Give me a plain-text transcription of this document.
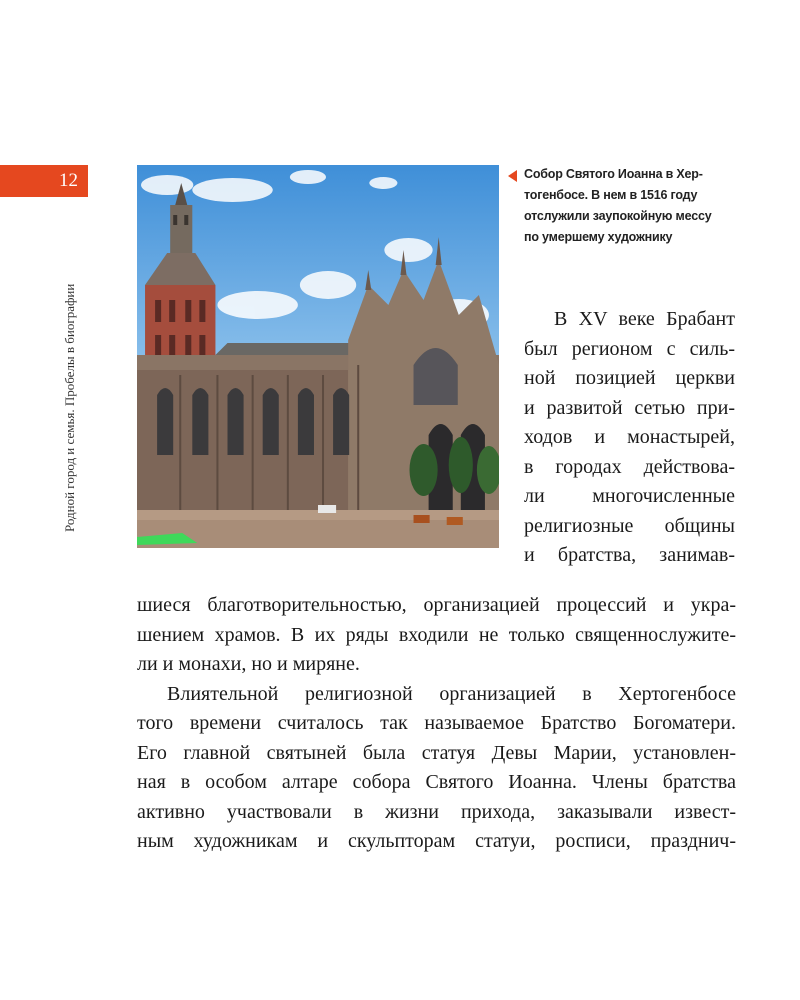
12
Родной город и семья. Пробелы в биографии
Собор Святого Иоанна в Хер-
тогенбосе. В нем в 1516 году
отслужили заупокойную мессу
по умершему художнику
В XV веке Брабант
был регионом с силь-
ной позицией церкви
и развитой сетью при-
ходов и монастырей,
в городах действова-
ли многочисленные
религиозные общины
и братства, занимав-
шиеся благотворительностью, организацией процессий и укра-
шением храмов. В их ряды входили не только священнослужите-
ли и монахи, но и миряне.
Влиятельной религиозной организацией в Хертогенбосе
того времени считалось так называемое Братство Богоматери.
Его главной святыней была статуя Девы Марии, установлен-
ная в особом алтаре собора Святого Иоанна. Члены братства
активно участвовали в жизни прихода, заказывали извест-
ным художникам и скульпторам статуи, росписи, празднич-
